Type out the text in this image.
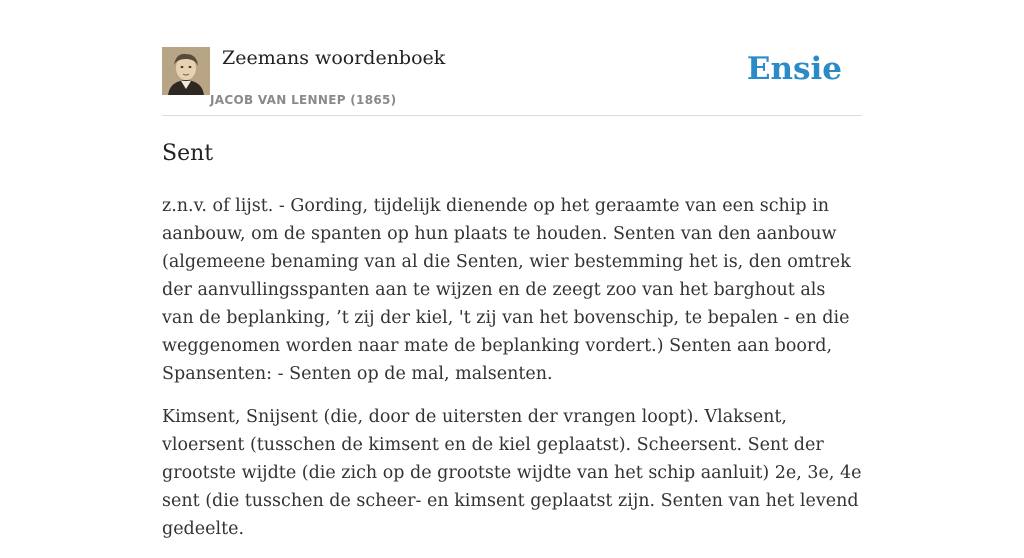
Zeemans woordenboek
JACOB VAN LENNEP (1865)
Ensie
Sent

z.n.v. of lijst. - Gording, tijdelijk dienende op het geraamte van een schip in aanbouw, om de spanten op hun plaats te houden. Senten van den aanbouw (algemeene benaming van al die Senten, wier bestemming het is, den omtrek der aanvullingsspanten aan te wijzen en de zeegt zoo van het barghout als van de beplanking, ’t zij der kiel, 't zij van het bovenschip, te bepalen - en die weggenomen worden naar mate de beplanking vordert.) Senten aan boord, Spansenten: - Senten op de mal, malsenten.

Kimsent, Snijsent (die, door de uitersten der vrangen loopt). Vlaksent, vloersent (tusschen de kimsent en de kiel geplaatst). Scheersent. Sent der grootste wijdte (die zich op de grootste wijdte van het schip aanluit) 2e, 3e, 4e sent (die tusschen de scheer- en kimsent geplaatst zijn. Senten van het levend gedeelte.
